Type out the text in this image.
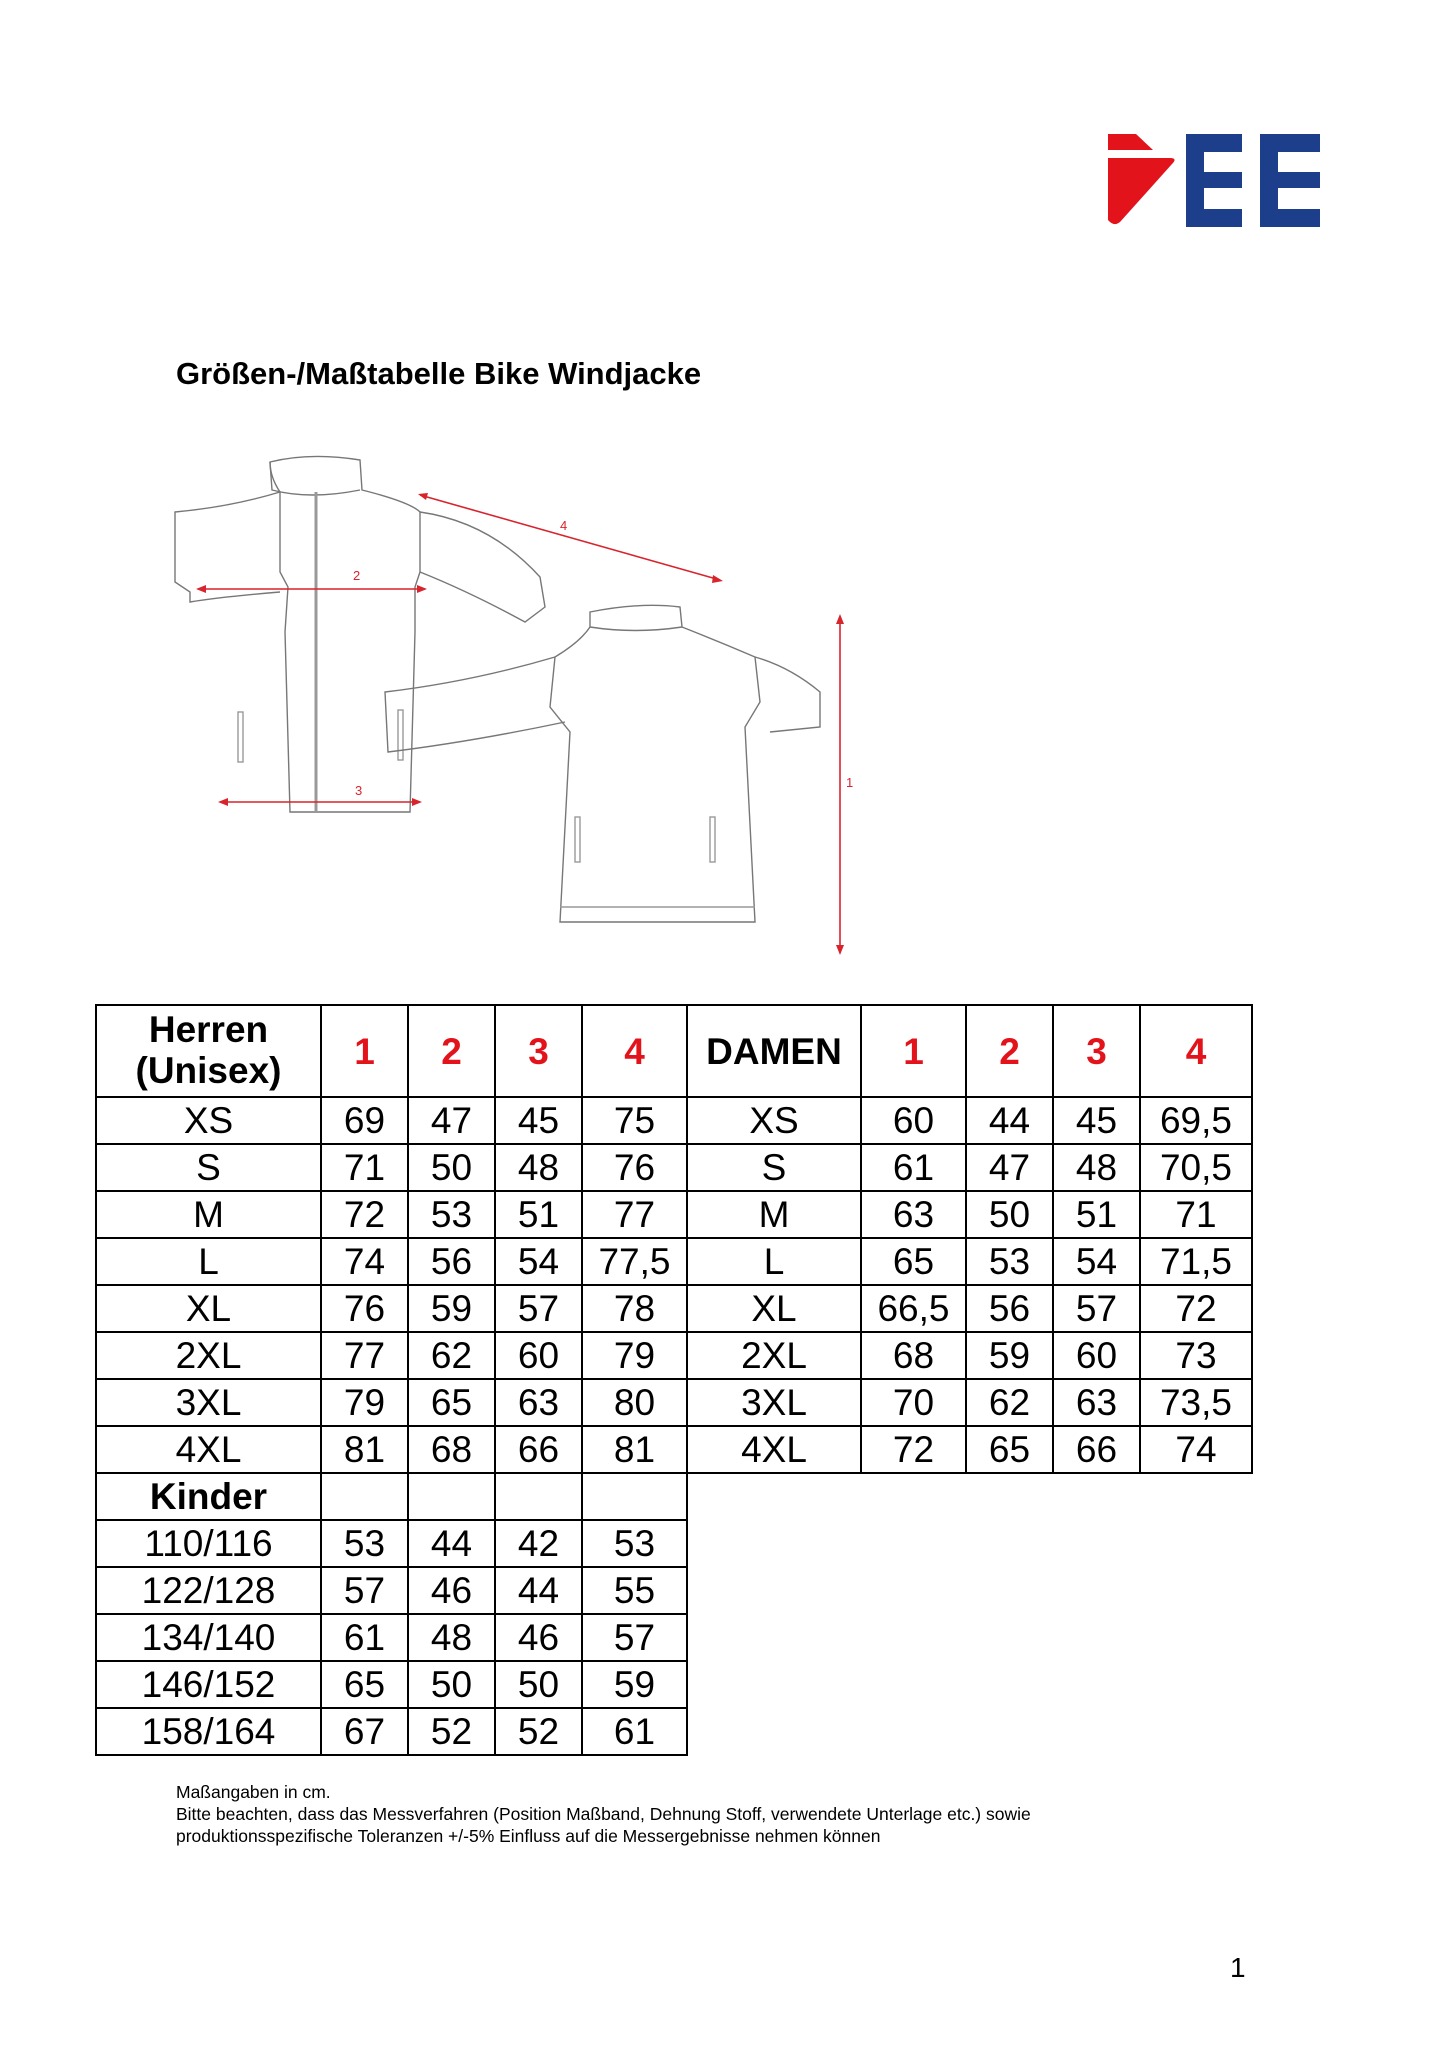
Größen-/Maßtabelle Bike Windjacke
4
2
3
1
Herren
(Unisex)	1	2	3	4
XS	69	47	45	75
S	71	50	48	76
M	72	53	51	77
L	74	56	54	77,5
XL	76	59	57	78
2XL	77	62	60	79
3XL	79	65	63	80
4XL	81	68	66	81
Kinder				
110/116	53	44	42	53
122/128	57	46	44	55
134/140	61	48	46	57
146/152	65	50	50	59
158/164	67	52	52	61
DAMEN	1	2	3	4
XS	60	44	45	69,5
S	61	47	48	70,5
M	63	50	51	71
L	65	53	54	71,5
XL	66,5	56	57	72
2XL	68	59	60	73
3XL	70	62	63	73,5
4XL	72	65	66	74
Maßangaben in cm.
Bitte beachten, dass das Messverfahren (Position Maßband, Dehnung Stoff, verwendete Unterlage etc.) sowie
produktionsspezifische Toleranzen +/-5% Einfluss auf die Messergebnisse nehmen können
1
